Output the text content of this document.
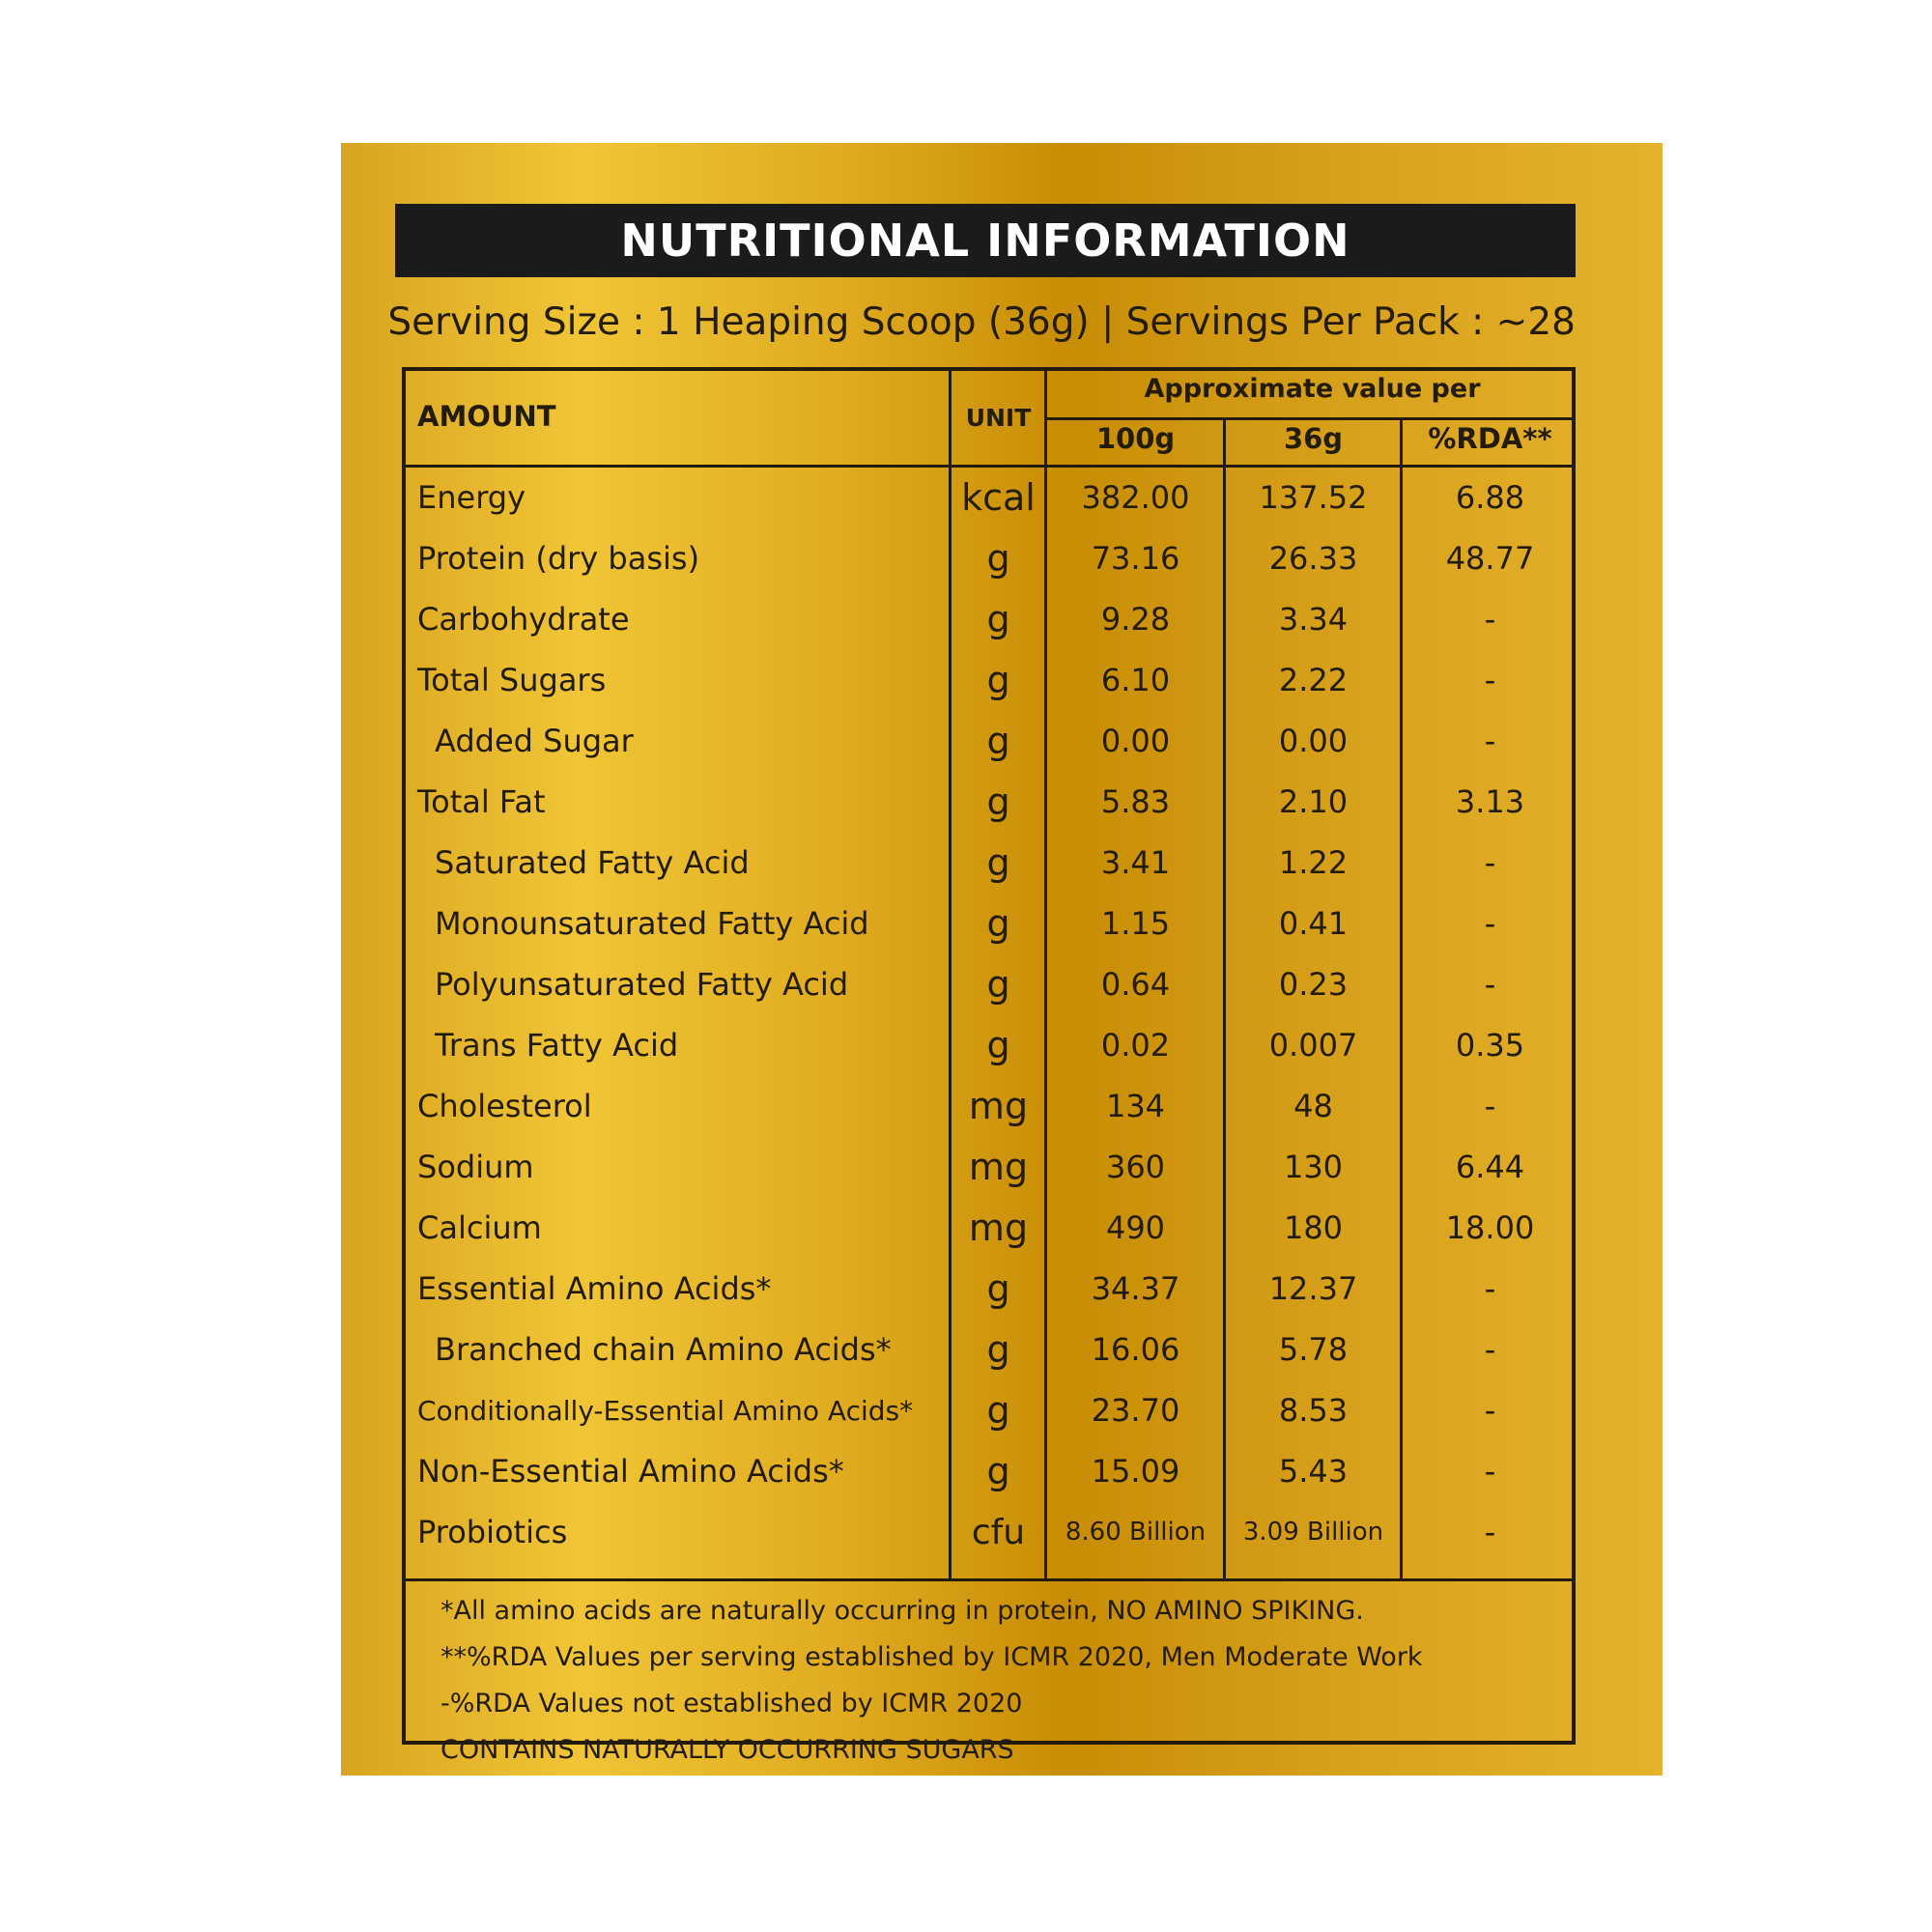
NUTRITIONAL INFORMATION
Serving Size : 1 Heaping Scoop (36g) | Servings Per Pack : ~28
AMOUNT	UNIT
Approximate value per
100g	36g	%RDA**
Energy	kcal	382.00	137.52	6.88
Protein (dry basis)	g	73.16	26.33	48.77
Carbohydrate	g	9.28	3.34	-
Total Sugars	g	6.10	2.22	-
Added Sugar	g	0.00	0.00	-
Total Fat	g	5.83	2.10	3.13
Saturated Fatty Acid	g	3.41	1.22	-
Monounsaturated Fatty Acid	g	1.15	0.41	-
Polyunsaturated Fatty Acid	g	0.64	0.23	-
Trans Fatty Acid	g	0.02	0.007	0.35
Cholesterol	mg	134	48	-
Sodium	mg	360	130	6.44
Calcium	mg	490	180	18.00
Essential Amino Acids*	g	34.37	12.37	-
Branched chain Amino Acids*	g	16.06	5.78	-
Conditionally-Essential Amino Acids*	g	23.70	8.53	-
Non-Essential Amino Acids*	g	15.09	5.43	-
Probiotics	cfu	8.60 Billion	3.09 Billion	-
*All amino acids are naturally occurring in protein, NO AMINO SPIKING.
**%RDA Values per serving established by ICMR 2020, Men Moderate Work
-%RDA Values not established by ICMR 2020
CONTAINS NATURALLY OCCURRING SUGARS
